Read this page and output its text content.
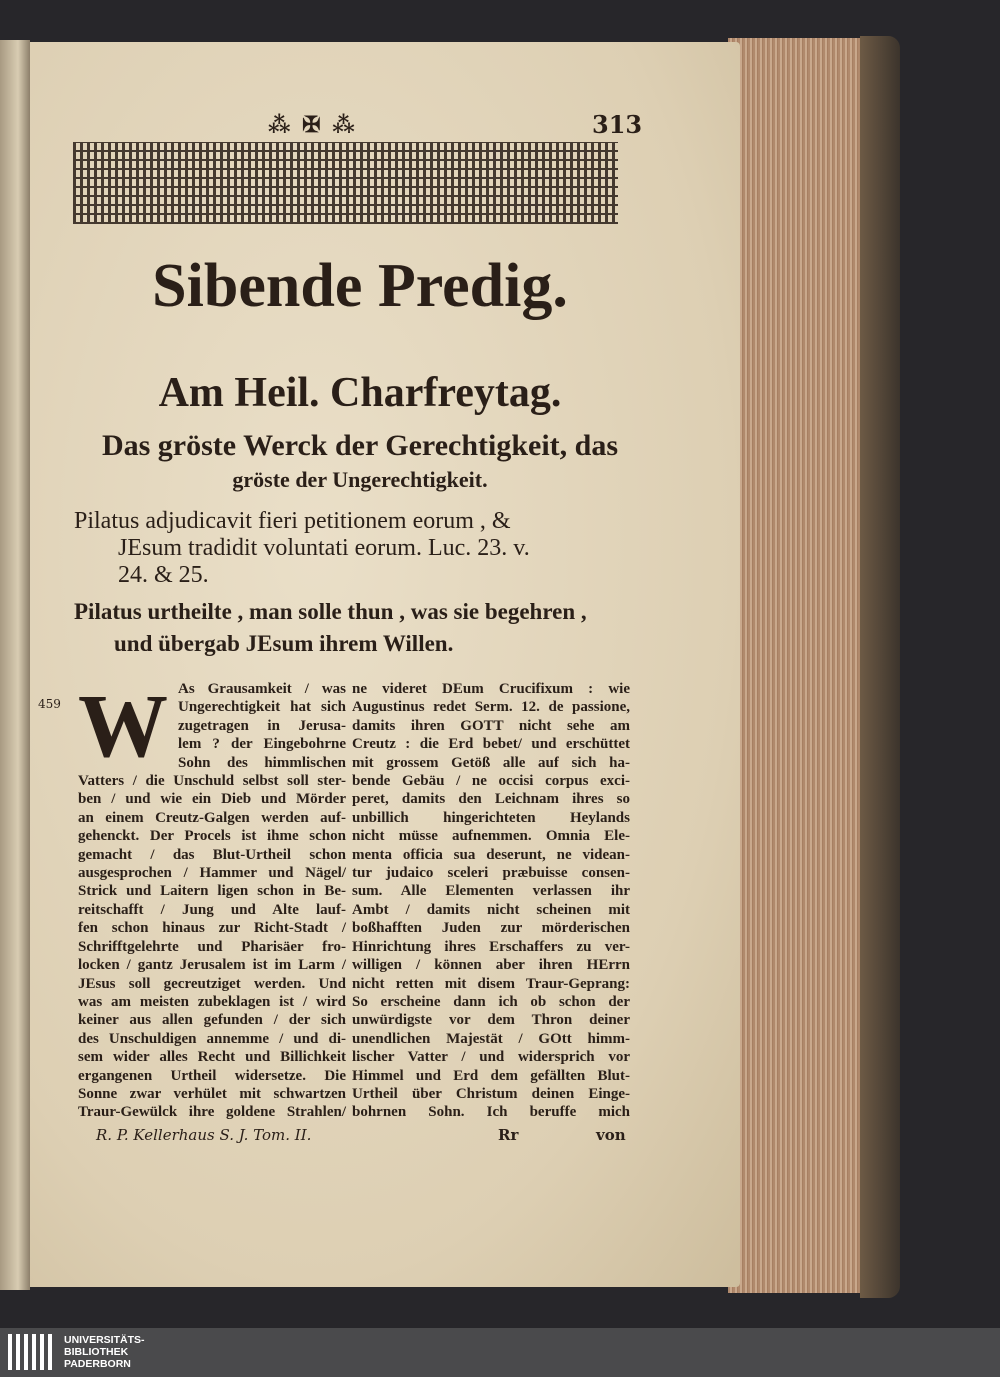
⁂ ✠ ⁂	313
Sibende Predig.
Am Heil. Charfreytag.
Das gröste Werck der Gerechtigkeit, das
gröste der Ungerechtigkeit.
Pilatus adjudicavit fieri petitionem eorum , &
JEsum tradidit voluntati eorum. Luc. 23. v.
24. & 25.
Pilatus urtheilte , man solle thun , was sie begehren ,
und übergab JEsum ihrem Willen.
459 W As Grausamkeit / was
Ungerechtigkeit hat sich
zugetragen in Jerusa-
lem ? der Eingebohrne
Sohn des himmlischen
Vatters / die Unschuld selbst soll ster-
ben / und wie ein Dieb und Mörder
an einem Creutz-Galgen werden auf-
gehenckt. Der Procels ist ihme schon
gemacht / das Blut-Urtheil schon
ausgesprochen / Hammer und Nägel/
Strick und Laitern ligen schon in Be-
reitschafft / Jung und Alte lauf-
fen schon hinaus zur Richt-Stadt /
Schrifftgelehrte und Pharisäer fro-
locken / gantz Jerusalem ist im Larm /
JEsus soll gecreutziget werden. Und
was am meisten zubeklagen ist / wird
keiner aus allen gefunden / der sich
des Unschuldigen annemme / und di-
sem wider alles Recht und Billichkeit
ergangenen Urtheil widersetze. Die
Sonne zwar verhület mit schwartzen
Traur-Gewülck ihre goldene Strahlen/
ne videret DEum Crucifixum : wie
Augustinus redet Serm. 12. de passione,
damits ihren GOTT nicht sehe am
Creutz : die Erd bebet/ und erschüttet
mit grossem Getöß alle auf sich ha-
bende Gebäu / ne occisi corpus exci-
peret, damits den Leichnam ihres so
unbillich hingerichteten Heylands
nicht müsse aufnemmen. Omnia Ele-
menta officia sua deserunt, ne videan-
tur judaico sceleri præbuisse consen-
sum. Alle Elementen verlassen ihr
Ambt / damits nicht scheinen mit
boßhafften Juden zur mörderischen
Hinrichtung ihres Erschaffers zu ver-
willigen / können aber ihren HErrn
nicht retten mit disem Traur-Geprang:
So erscheine dann ich ob schon der
unwürdigste vor dem Thron deiner
unendlichen Majestät / GOtt himm-
lischer Vatter / und widersprich vor
Himmel und Erd dem gefällten Blut-
Urtheil über Christum deinen Einge-
bohrnen Sohn. Ich beruffe mich
R. P. Kellerhaus S. J. Tom. II.	Rr	von
UNIVERSITÄTS-
BIBLIOTHEK
PADERBORN
